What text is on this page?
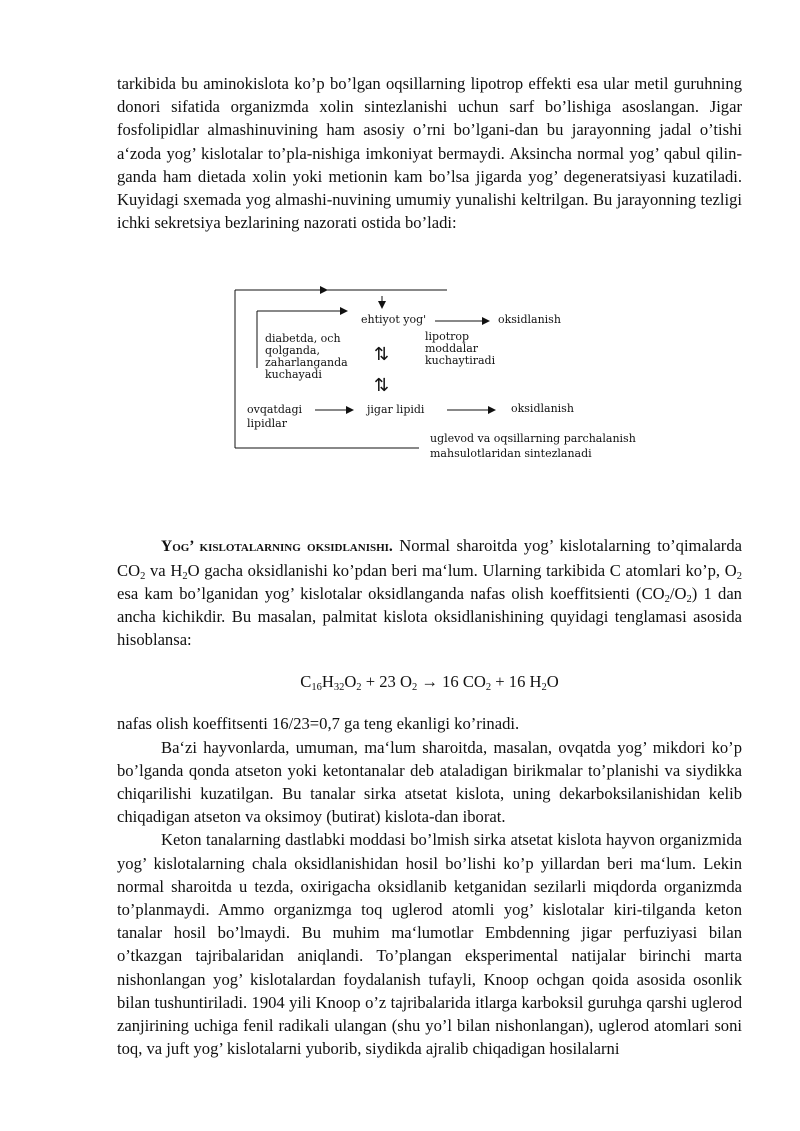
tarkibida bu aminokislota ko’p bo’lgan oqsillarning lipotrop effekti esa ular metil guruhning donori sifatida organizmda xolin sintezlanishi uchun sarf bo’lishiga asoslangan. Jigar fosfolipidlar almashinuvining ham asosiy o’rni bo’lgani-dan bu jarayonning jadal o’tishi a‘zoda yog’ kislotalar to’pla-nishiga imkoniyat bermaydi. Aksincha normal yog’ qabul qilin-ganda ham dietada xolin yoki metionin kam bo’lsa jigarda yog’ degeneratsiyasi kuzatiladi. Kuyidagi sxemada yog almashi-nuvining umumiy yunalishi keltrilgan. Bu jarayonning tezligi ichki sekretsiya bezlarining nazorati ostida bo’ladi:

ehtiyot yog'	oksidlanish
diabetda, och
qolganda,
zaharlanganda
kuchayadi
⇅
⇅
lipotrop
moddalar
kuchaytiradi
ovqatdagi
lipidlar
jigar lipidi	oksidlanish
uglevod va oqsillarning parchalanish
mahsulotlaridan sintezlanadi

Yog’ kislotalarning oksidlanishi. Normal sharoitda yog’ kislotalarning to’qimalarda $CO_2$ va $H_2O$ gacha oksidlanishi ko’pdan beri ma‘lum. Ularning tarkibida C atomlari ko’p, $O_2$ esa kam bo’lganidan yog’ kislotalar oksidlanganda nafas olish koeffitsienti $(CO_2/O_2)$ 1 dan ancha kichikdir. Bu masalan, palmitat kislota oksidlanishining quyidagi tenglamasi asosida hisoblansa:

$C_{16}H_{32}O_2 + 23$ $O_2 \to 16$ $CO_2 + 16$ $H_2O$

nafas olish koeffitsenti 16/23=0,7 ga teng ekanligi ko’rinadi.

Ba‘zi hayvonlarda, umuman, ma‘lum sharoitda, masalan, ovqatda yog’ mikdori ko’p bo’lganda qonda atseton yoki ketontanalar deb ataladigan birikmalar to’planishi va siydikka chiqarilishi kuzatilgan. Bu tanalar sirka atsetat kislota, uning dekarboksilanishidan kelib chiqadigan atseton va oksimoy (butirat) kislota-dan iborat.

Keton tanalarning dastlabki moddasi bo’lmish sirka atsetat kislota hayvon organizmida yog’ kislotalarning chala oksidlanishidan hosil bo’lishi ko’p yillardan beri ma‘lum. Lekin normal sharoitda u tezda, oxirigacha oksidlanib ketganidan sezilarli miqdorda organizmda to’planmaydi. Ammo organizmga toq uglerod atomli yog’ kislotalar kiri-tilganda keton tanalar hosil bo’lmaydi. Bu muhim ma‘lumotlar Embdenning jigar perfuziyasi bilan o’tkazgan tajribalaridan aniqlandi. To’plangan eksperimental natijalar birinchi marta nishonlangan yog’ kislotalardan foydalanish tufayli, Knoop ochgan qoida asosida osonlik bilan tushuntiriladi. 1904 yili Knoop o’z tajribalarida itlarga karboksil guruhga qarshi uglerod zanjirining uchiga fenil radikali ulangan (shu yo’l bilan nishonlangan), uglerod atomlari soni toq, va juft yog’ kislotalarni yuborib, siydikda ajralib chiqadigan hosilalarni
